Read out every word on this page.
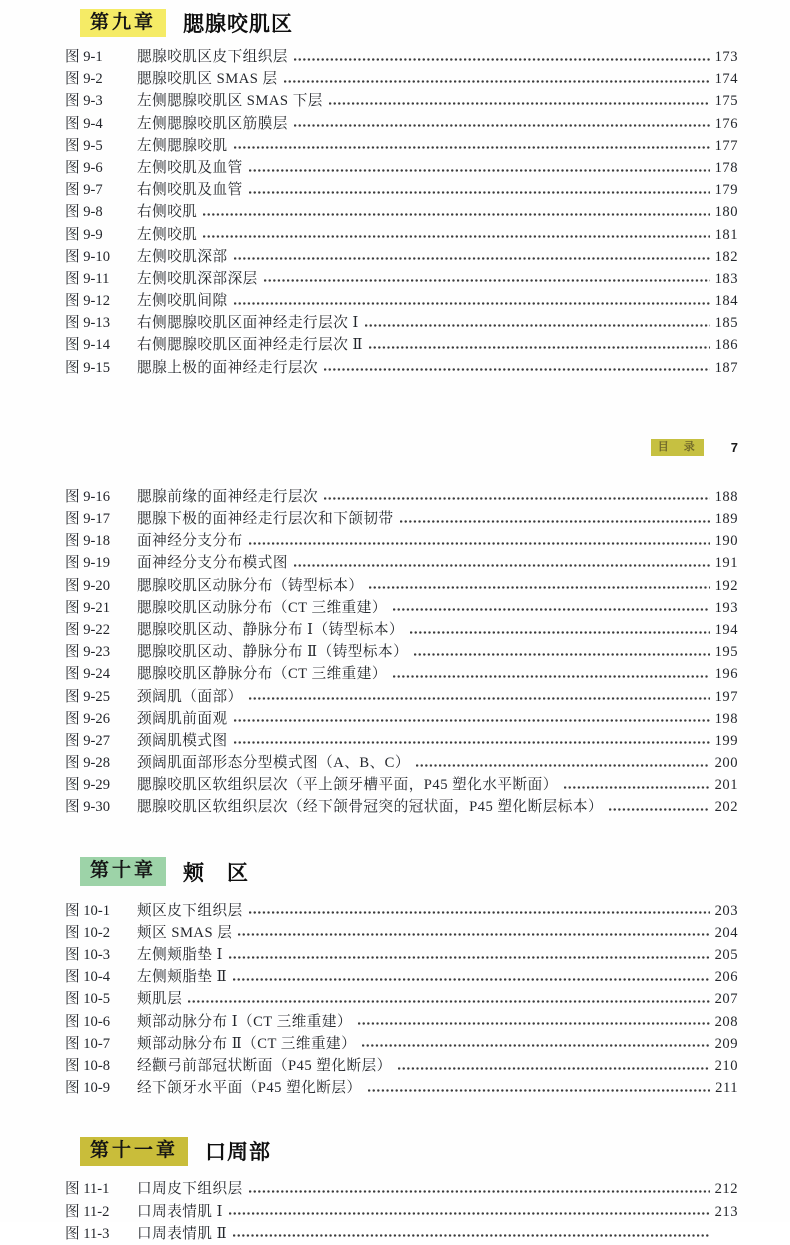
第九章	腮腺咬肌区
图 9-1	腮腺咬肌区皮下组织层	173
图 9-2	腮腺咬肌区 SMAS 层	174
图 9-3	左侧腮腺咬肌区 SMAS 下层	175
图 9-4	左侧腮腺咬肌区筋膜层	176
图 9-5	左侧腮腺咬肌	177
图 9-6	左侧咬肌及血管	178
图 9-7	右侧咬肌及血管	179
图 9-8	右侧咬肌	180
图 9-9	左侧咬肌	181
图 9-10	左侧咬肌深部	182
图 9-11	左侧咬肌深部深层	183
图 9-12	左侧咬肌间隙	184
图 9-13	右侧腮腺咬肌区面神经走行层次 Ⅰ	185
图 9-14	右侧腮腺咬肌区面神经走行层次 Ⅱ	186
图 9-15	腮腺上极的面神经走行层次	187
目　录	7
图 9-16	腮腺前缘的面神经走行层次	188
图 9-17	腮腺下极的面神经走行层次和下颌韧带	189
图 9-18	面神经分支分布	190
图 9-19	面神经分支分布模式图	191
图 9-20	腮腺咬肌区动脉分布（铸型标本）	192
图 9-21	腮腺咬肌区动脉分布（CT 三维重建）	193
图 9-22	腮腺咬肌区动、静脉分布 Ⅰ（铸型标本）	194
图 9-23	腮腺咬肌区动、静脉分布 Ⅱ（铸型标本）	195
图 9-24	腮腺咬肌区静脉分布（CT 三维重建）	196
图 9-25	颈阔肌（面部）	197
图 9-26	颈阔肌前面观	198
图 9-27	颈阔肌模式图	199
图 9-28	颈阔肌面部形态分型模式图（A、B、C）	200
图 9-29	腮腺咬肌区软组织层次（平上颌牙槽平面，P45 塑化水平断面）	201
图 9-30	腮腺咬肌区软组织层次（经下颌骨冠突的冠状面，P45 塑化断层标本）	202
第十章	颊　区
图 10-1	颊区皮下组织层	203
图 10-2	颊区 SMAS 层	204
图 10-3	左侧颊脂垫 Ⅰ	205
图 10-4	左侧颊脂垫 Ⅱ	206
图 10-5	颊肌层	207
图 10-6	颊部动脉分布 Ⅰ（CT 三维重建）	208
图 10-7	颊部动脉分布 Ⅱ（CT 三维重建）	209
图 10-8	经颧弓前部冠状断面（P45 塑化断层）	210
图 10-9	经下颌牙水平面（P45 塑化断层）	211
第十一章	口周部
图 11-1	口周皮下组织层	212
图 11-2	口周表情肌 Ⅰ	213
图 11-3	口周表情肌 Ⅱ
